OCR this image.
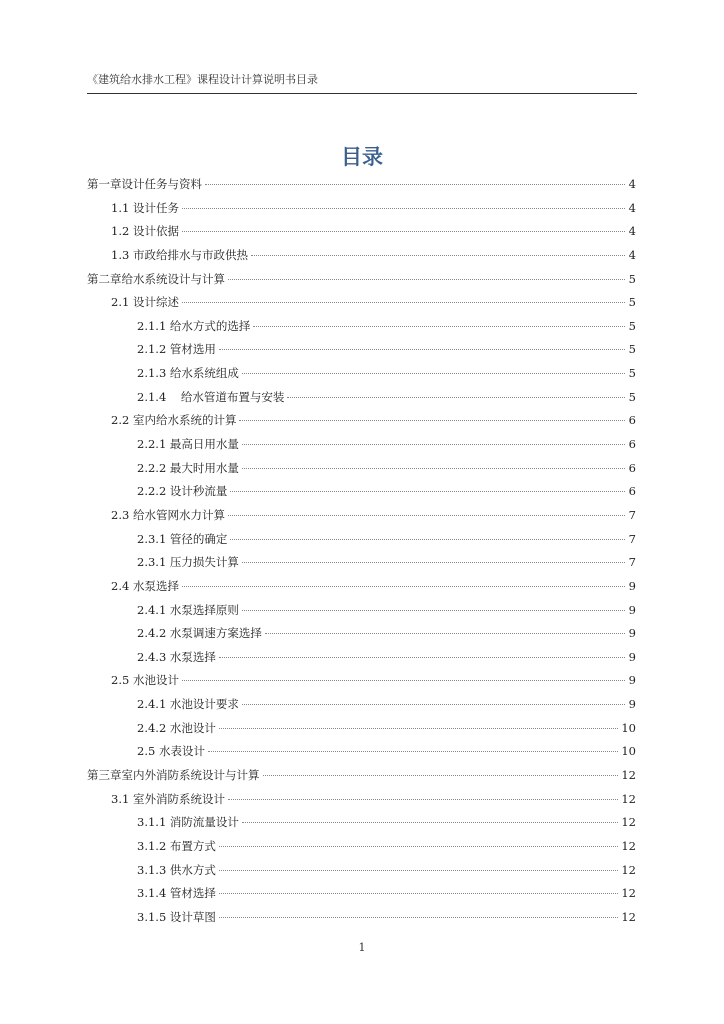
《建筑给水排水工程》课程设计计算说明书目录
目录
第一章设计任务与资料	4
1.1 设计任务	4
1.2 设计依据	4
1.3 市政给排水与市政供热	4
第二章给水系统设计与计算	5
2.1 设计综述	5
2.1.1 给水方式的选择	5
2.1.2 管材选用	5
2.1.3 给水系统组成	5
2.1.4    给水管道布置与安装	5
2.2 室内给水系统的计算	6
2.2.1 最高日用水量	6
2.2.2 最大时用水量	6
2.2.2 设计秒流量	6
2.3 给水管网水力计算	7
2.3.1 管径的确定	7
2.3.1 压力损失计算	7
2.4 水泵选择	9
2.4.1 水泵选择原则	9
2.4.2 水泵调速方案选择	9
2.4.3 水泵选择	9
2.5 水池设计	9
2.4.1 水池设计要求	9
2.4.2 水池设计	10
2.5 水表设计	10
第三章室内外消防系统设计与计算	12
3.1 室外消防系统设计	12
3.1.1 消防流量设计	12
3.1.2 布置方式	12
3.1.3 供水方式	12
3.1.4 管材选择	12
3.1.5 设计草图	12
1
